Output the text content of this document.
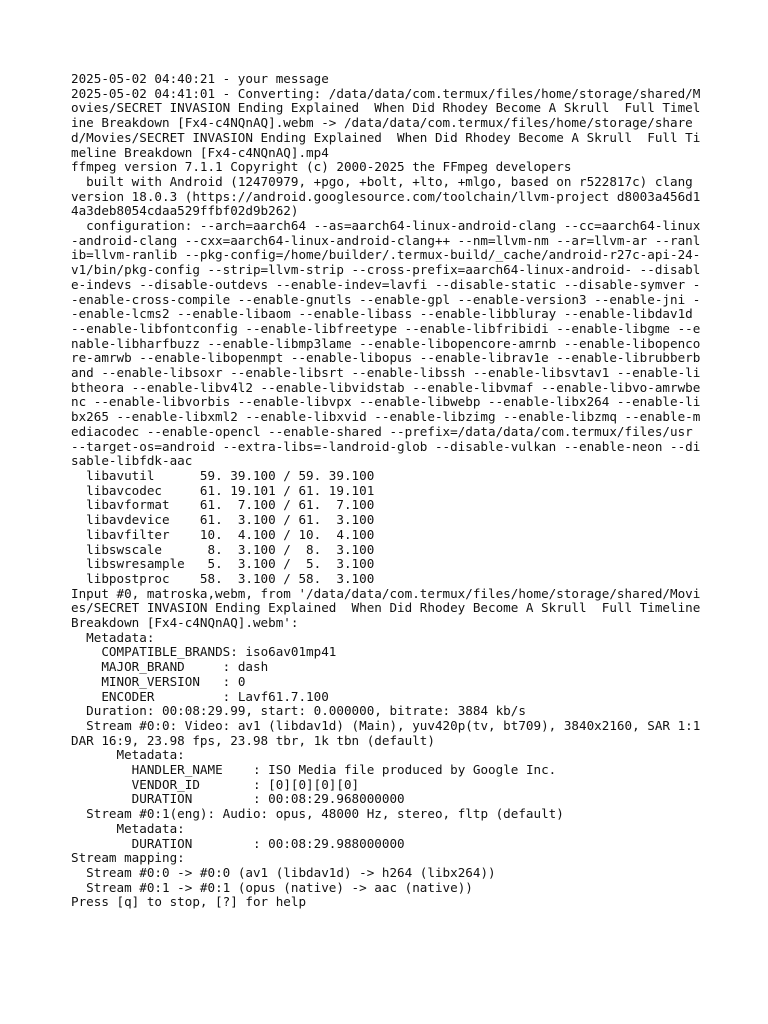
2025-05-02 04:40:21 - your message
2025-05-02 04:41:01 - Converting: /data/data/com.termux/files/home/storage/shared/Movies/SECRET INVASION Ending Explained￼ When Did Rhodey Become A Skrull￼ Full Timeline Breakdown [Fx4-c4NQnAQ].webm -> /data/data/com.termux/files/home/storage/shared/Movies/SECRET INVASION Ending Explained￼ When Did Rhodey Become A Skrull￼ Full Timeline Breakdown [Fx4-c4NQnAQ].mp4
ffmpeg version 7.1.1 Copyright (c) 2000-2025 the FFmpeg developers
built with Android (12470979, +pgo, +bolt, +lto, +mlgo, based on r522817c) clang version 18.0.3 (https://android.googlesource.com/toolchain/llvm-project d8003a456d14a3deb8054cdaa529ffbf02d9b262)
configuration: --arch=aarch64 --as=aarch64-linux-android-clang --cc=aarch64-linux-android-clang --cxx=aarch64-linux-android-clang++ --nm=llvm-nm --ar=llvm-ar --ranlib=llvm-ranlib --pkg-config=/home/builder/.termux-build/_cache/android-r27c-api-24-v1/bin/pkg-config --strip=llvm-strip --cross-prefix=aarch64-linux-android- --disable-indevs --disable-outdevs --enable-indev=lavfi --disable-static --disable-symver --enable-cross-compile --enable-gnutls --enable-gpl --enable-version3 --enable-jni --enable-lcms2 --enable-libaom --enable-libass --enable-libbluray --enable-libdav1d --enable-libfontconfig --enable-libfreetype --enable-libfribidi --enable-libgme --enable-libharfbuzz --enable-libmp3lame --enable-libopencore-amrnb --enable-libopencore-amrwb --enable-libopenmpt --enable-libopus --enable-librav1e --enable-librubberband --enable-libsoxr --enable-libsrt --enable-libssh --enable-libsvtav1 --enable-libtheora --enable-libv4l2 --enable-libvidstab --enable-libvmaf --enable-libvo-amrwbenc --enable-libvorbis --enable-libvpx --enable-libwebp --enable-libx264 --enable-libx265 --enable-libxml2 --enable-libxvid --enable-libzimg --enable-libzmq --enable-mediacodec --enable-opencl --enable-shared --prefix=/data/data/com.termux/files/usr --target-os=android --extra-libs=-landroid-glob --disable-vulkan --enable-neon --disable-libfdk-aac
libavutil      59. 39.100 / 59. 39.100
libavcodec     61. 19.101 / 61. 19.101
libavformat    61.  7.100 / 61.  7.100
libavdevice    61.  3.100 / 61.  3.100
libavfilter    10.  4.100 / 10.  4.100
libswscale      8.  3.100 /  8.  3.100
libswresample   5.  3.100 /  5.  3.100
libpostproc    58.  3.100 / 58.  3.100
Input #0, matroska,webm, from '/data/data/com.termux/files/home/storage/shared/Movies/SECRET INVASION Ending Explained￼ When Did Rhodey Become A Skrull￼ Full Timeline Breakdown [Fx4-c4NQnAQ].webm':
Metadata:
COMPATIBLE_BRANDS: iso6av01mp41
MAJOR_BRAND     : dash
MINOR_VERSION   : 0
ENCODER         : Lavf61.7.100
Duration: 00:08:29.99, start: 0.000000, bitrate: 3884 kb/s
Stream #0:0: Video: av1 (libdav1d) (Main), yuv420p(tv, bt709), 3840x2160, SAR 1:1 DAR 16:9, 23.98 fps, 23.98 tbr, 1k tbn (default)
Metadata:
HANDLER_NAME    : ISO Media file produced by Google Inc.
VENDOR_ID       : [0][0][0][0]
DURATION        : 00:08:29.968000000
Stream #0:1(eng): Audio: opus, 48000 Hz, stereo, fltp (default)
Metadata:
DURATION        : 00:08:29.988000000
Stream mapping:
Stream #0:0 -> #0:0 (av1 (libdav1d) -> h264 (libx264))
Stream #0:1 -> #0:1 (opus (native) -> aac (native))
Press [q] to stop, [?] for help
